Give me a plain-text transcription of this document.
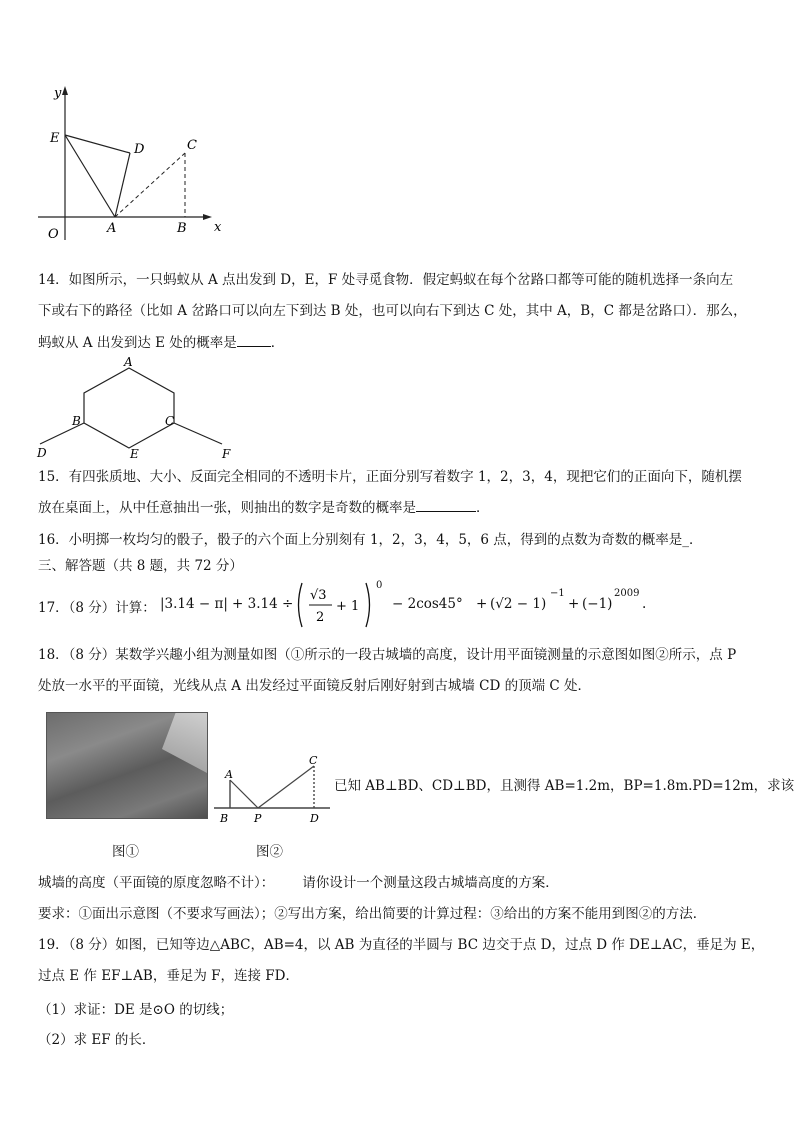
y
x
O
E
D	C
A	B
14．如图所示，一只蚂蚁从 A 点出发到 D，E，F 处寻觅食物．假定蚂蚁在每个岔路口都等可能的随机选择一条向左
下或右下的路径（比如 A 岔路口可以向左下到达 B 处，也可以向右下到达 C 处，其中 A，B，C 都是岔路口）．那么，
蚂蚁从 A 出发到达 E 处的概率是	．
A
B	C
D	E	F
15．有四张质地、大小、反面完全相同的不透明卡片，正面分别写着数字 1，2，3，4，现把它们的正面向下，随机摆
放在桌面上，从中任意抽出一张，则抽出的数字是奇数的概率是	．
16．小明掷一枚均匀的骰子，骰子的六个面上分别刻有 1，2，3，4，5，6 点，得到的点数为奇数的概率是_．
三、解答题（共 8 题，共 72 分）
17．（8 分）计算： |3.14 − π| + 3.14 ÷
√3
2
+ 1
0
− 2cos45° + (√2 − 1)
−1
+ (−1)
2009
.
18．（8 分）某数学兴趣小组为测量如图（①所示的一段古城墙的高度，设计用平面镜测量的示意图如图②所示，点 P
处放一水平的平面镜，光线从点 A 出发经过平面镜反射后刚好射到古城墙 CD 的顶端 C 处．
A
B P
C
D
已知 AB⊥BD、CD⊥BD，且测得 AB=1.2m，BP=1.8m.PD=12m，求该
图①	图②
城墙的高度（平面镜的原度忽略不计）： 请你设计一个测量这段古城墙高度的方案．
要求：①面出示意图（不要求写画法）；②写出方案，给出简要的计算过程：③给出的方案不能用到图②的方法．
19．（8 分）如图，已知等边△ABC，AB=4，以 AB 为直径的半圆与 BC 边交于点 D，过点 D 作 DE⊥AC，垂足为 E，
过点 E 作 EF⊥AB，垂足为 F，连接 FD．
（1）求证：DE 是⊙O 的切线；
（2）求 EF 的长．
